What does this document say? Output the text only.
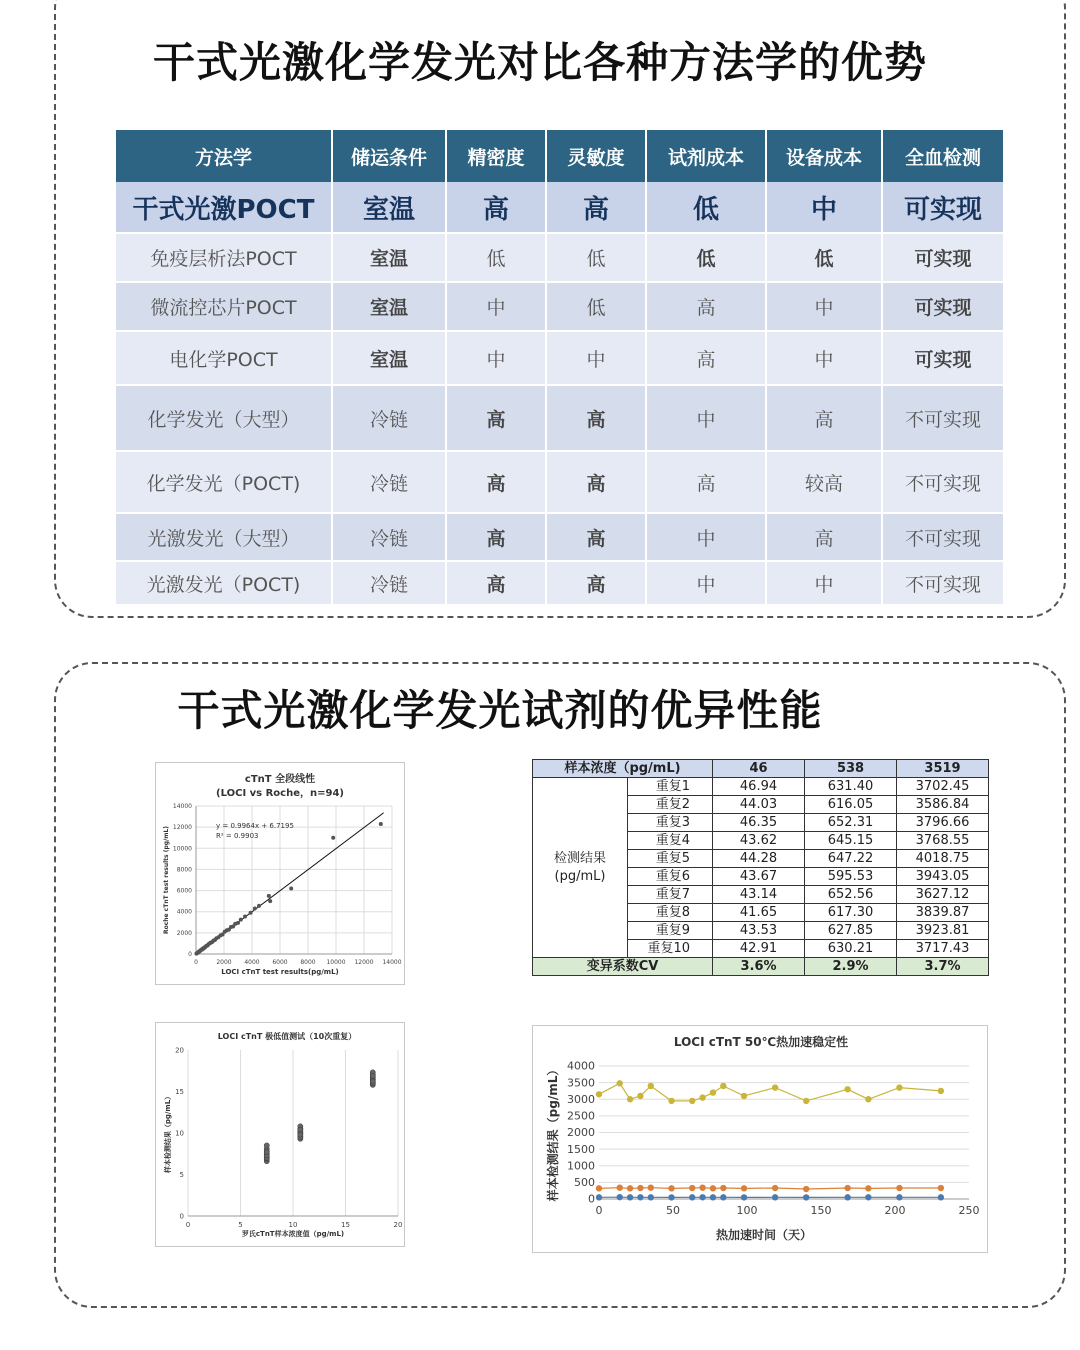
干式光激化学发光对比各种方法学的优势
干式光激化学发光试剂的优异性能
方法学	储运条件	精密度	灵敏度	试剂成本	设备成本	全血检测
干式光激POCT	室温	高	高	低	中	可实现
免疫层析法POCT	室温	低	低	低	低	可实现
微流控芯片POCT	室温	中	低	高	中	可实现
电化学POCT	室温	中	中	高	中	可实现
化学发光（大型）	冷链	高	高	中	高	不可实现
化学发光（POCT)	冷链	高	高	高	较高	不可实现
光激发光（大型）	冷链	高	高	中	高	不可实现
光激发光（POCT)	冷链	高	高	中	中	不可实现
cTnT 全段线性
(LOCI vs Roche，n=94)
0
2000
4000
6000
8000
10000
12000
14000
0	2000 4000 6000 8000 10000 12000 14000
y = 0.9964x + 6.7195
R² = 0.9903
LOCI cTnT test results(pg/mL)
Roche cTnT test results (pg/mL)
样本浓度（pg/mL)		46	538	3519

检测结果
(pg/mL)	重复1	46.94	631.40	3702.45
	重复2	44.03	616.05	3586.84
	重复3	46.35	652.31	3796.66
	重复4	43.62	645.15	3768.55
	重复5	44.28	647.22	4018.75
	重复6	43.67	595.53	3943.05
	重复7	43.14	652.56	3627.12
	重复8	41.65	617.30	3839.87
	重复9	43.53	627.85	3923.81
	重复10	42.91	630.21	3717.43
变异系数CV		3.6%	2.9%	3.7%
LOCI cTnT 极低值测试（10次重复）
0
5
10
15
20
0	5	10	15	20
罗氏cTnT样本浓度值（pg/mL)
样本检测结果（pg/mL）
LOCI cTnT 50℃热加速稳定性
0
500
1000
1500
2000
2500
3000
3500
4000
0	50	100	150	200	250
热加速时间（天）
样本检测结果（pg/mL）
